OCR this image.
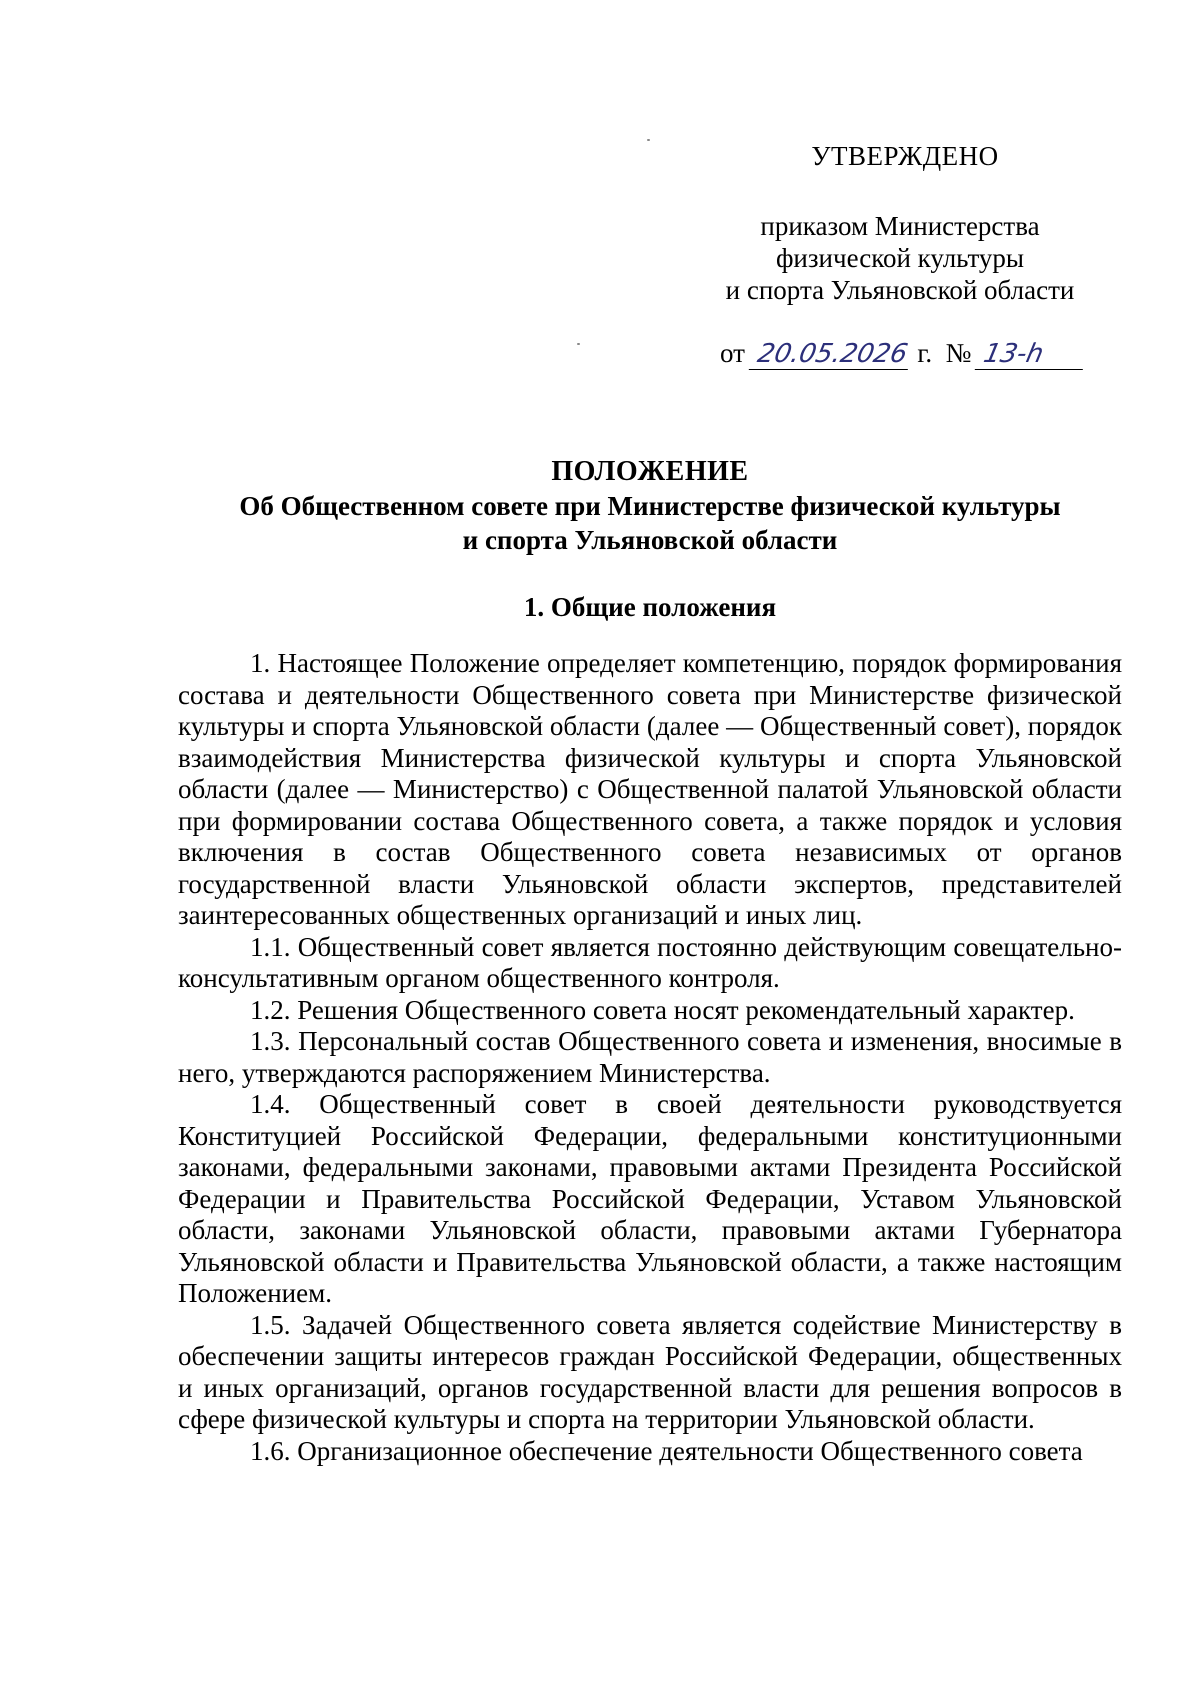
УТВЕРЖДЕНО
приказом Министерства
физической культуры
и спорта Ульяновской области
от 20.05.2026 г. № 13-h
ПОЛОЖЕНИЕ
Об Общественном совете при Министерстве физической культуры
и спорта Ульяновской области
1. Общие положения

1. Настоящее Положение определяет компетенцию, порядок формирования состава и деятельности Общественного совета при Министерстве физической культуры и спорта Ульяновской области (далее — Общественный совет), порядок взаимодействия Министерства физической культуры и спорта Ульяновской области (далее — Министерство) с Общественной палатой Ульяновской области при формировании состава Общественного совета, а также порядок и условия включения в состав Общественного совета независимых от органов государственной власти Ульяновской области экспертов, представителей заинтересованных общественных организаций и иных лиц.

1.1. Общественный совет является постоянно действующим совещательно-консультативным органом общественного контроля.

1.2. Решения Общественного совета носят рекомендательный характер.

1.3. Персональный состав Общественного совета и изменения, вносимые в него, утверждаются распоряжением Министерства.

1.4. Общественный совет в своей деятельности руководствуется Конституцией Российской Федерации, федеральными конституционными законами, федеральными законами, правовыми актами Президента Российской Федерации и Правительства Российской Федерации, Уставом Ульяновской области, законами Ульяновской области, правовыми актами Губернатора Ульяновской области и Правительства Ульяновской области, а также настоящим Положением.

1.5. Задачей Общественного совета является содействие Министерству в обеспечении защиты интересов граждан Российской Федерации, общественных и иных организаций, органов государственной власти для решения вопросов в сфере физической культуры и спорта на территории Ульяновской области.

1.6. Организационное обеспечение деятельности Общественного совета
